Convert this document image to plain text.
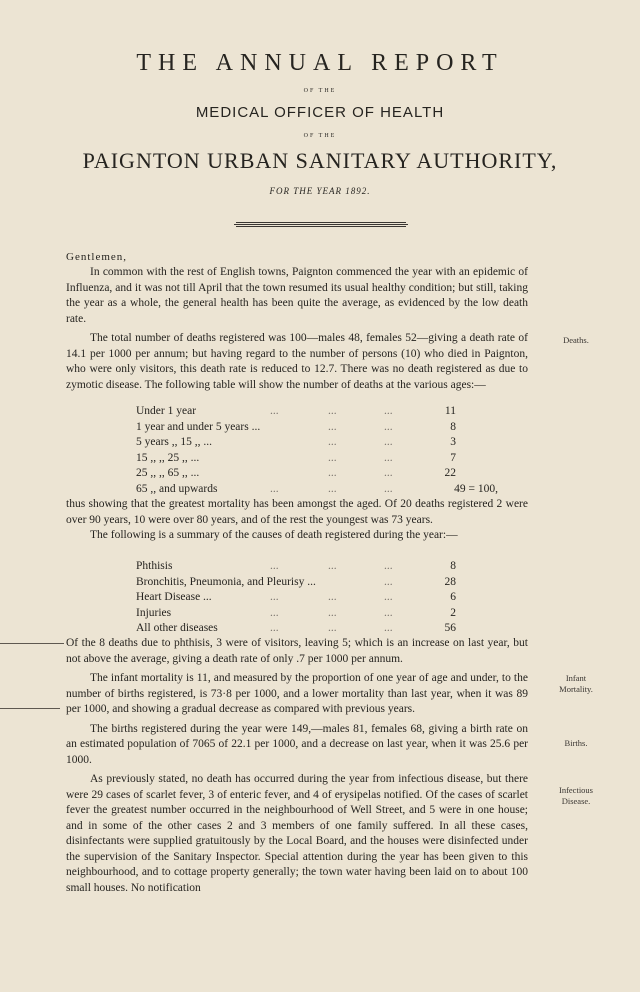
THE ANNUAL REPORT
OF THE
MEDICAL OFFICER OF HEALTH
OF THE
PAIGNTON URBAN SANITARY AUTHORITY,
FOR THE YEAR 1892.
Gentlemen,

In common with the rest of English towns, Paignton commenced the year with an epidemic of Influenza, and it was not till April that the town resumed its usual healthy condition; but still, taking the year as a whole, the general health has been quite the average, as evidenced by the low death rate.

The total number of deaths registered was 100—males 48, females 52—giving a death rate of 14.1 per 1000 per annum; but having regard to the number of persons (10) who died in Paignton, who were only visitors, this death rate is reduced to 12.7. There was no death registered as due to zymotic disease. The following table will show the number of deaths at the various ages:—

Under 1 year	...	...	...	11
1 year and under 5 years ...	...	...	8
5 years ,, 15 ,, ...	...	...	3
15 ,, ,, 25 ,, ...	...	...	7
25 ,, ,, 65 ,, ...	...	...	22
65 ,, and upwards	...	...	...	49 = 100,

thus showing that the greatest mortality has been amongst the aged. Of 20 deaths registered 2 were over 90 years, 10 were over 80 years, and of the rest the youngest was 73 years.

The following is a summary of the causes of death registered during the year:—

Phthisis	...	...	...	8
Bronchitis, Pneumonia, and Pleurisy ...	...	28
Heart Disease ...	...	...	...	6
Injuries	...	...	...	2
All other diseases	...	...	...	56

Of the 8 deaths due to phthisis, 3 were of visitors, leaving 5; which is an increase on last year, but not above the average, giving a death rate of only .7 per 1000 per annum.

The infant mortality is 11, and measured by the proportion of one year of age and under, to the number of births registered, is 73·8 per 1000, and a lower mortality than last year, when it was 89 per 1000, and showing a gradual decrease as compared with previous years.

The births registered during the year were 149,—males 81, females 68, giving a birth rate on an estimated population of 7065 of 22.1 per 1000, and a decrease on last year, when it was 25.6 per 1000.

As previously stated, no death has occurred during the year from infectious disease, but there were 29 cases of scarlet fever, 3 of enteric fever, and 4 of erysipelas notified. Of the cases of scarlet fever the greatest number occurred in the neighbourhood of Well Street, and 5 were in one house; and in some of the other cases 2 and 3 members of one family suffered. In all these cases, disinfectants were supplied gratuitously by the Local Board, and the houses were disinfected under the supervision of the Sanitary Inspector. Special attention during the year has been given to this neighbourhood, and to cottage property generally; the town water having been laid on to about 100 small houses. No notification

Deaths.
Infant
Mortality.
Births.
Infectious
Disease.
